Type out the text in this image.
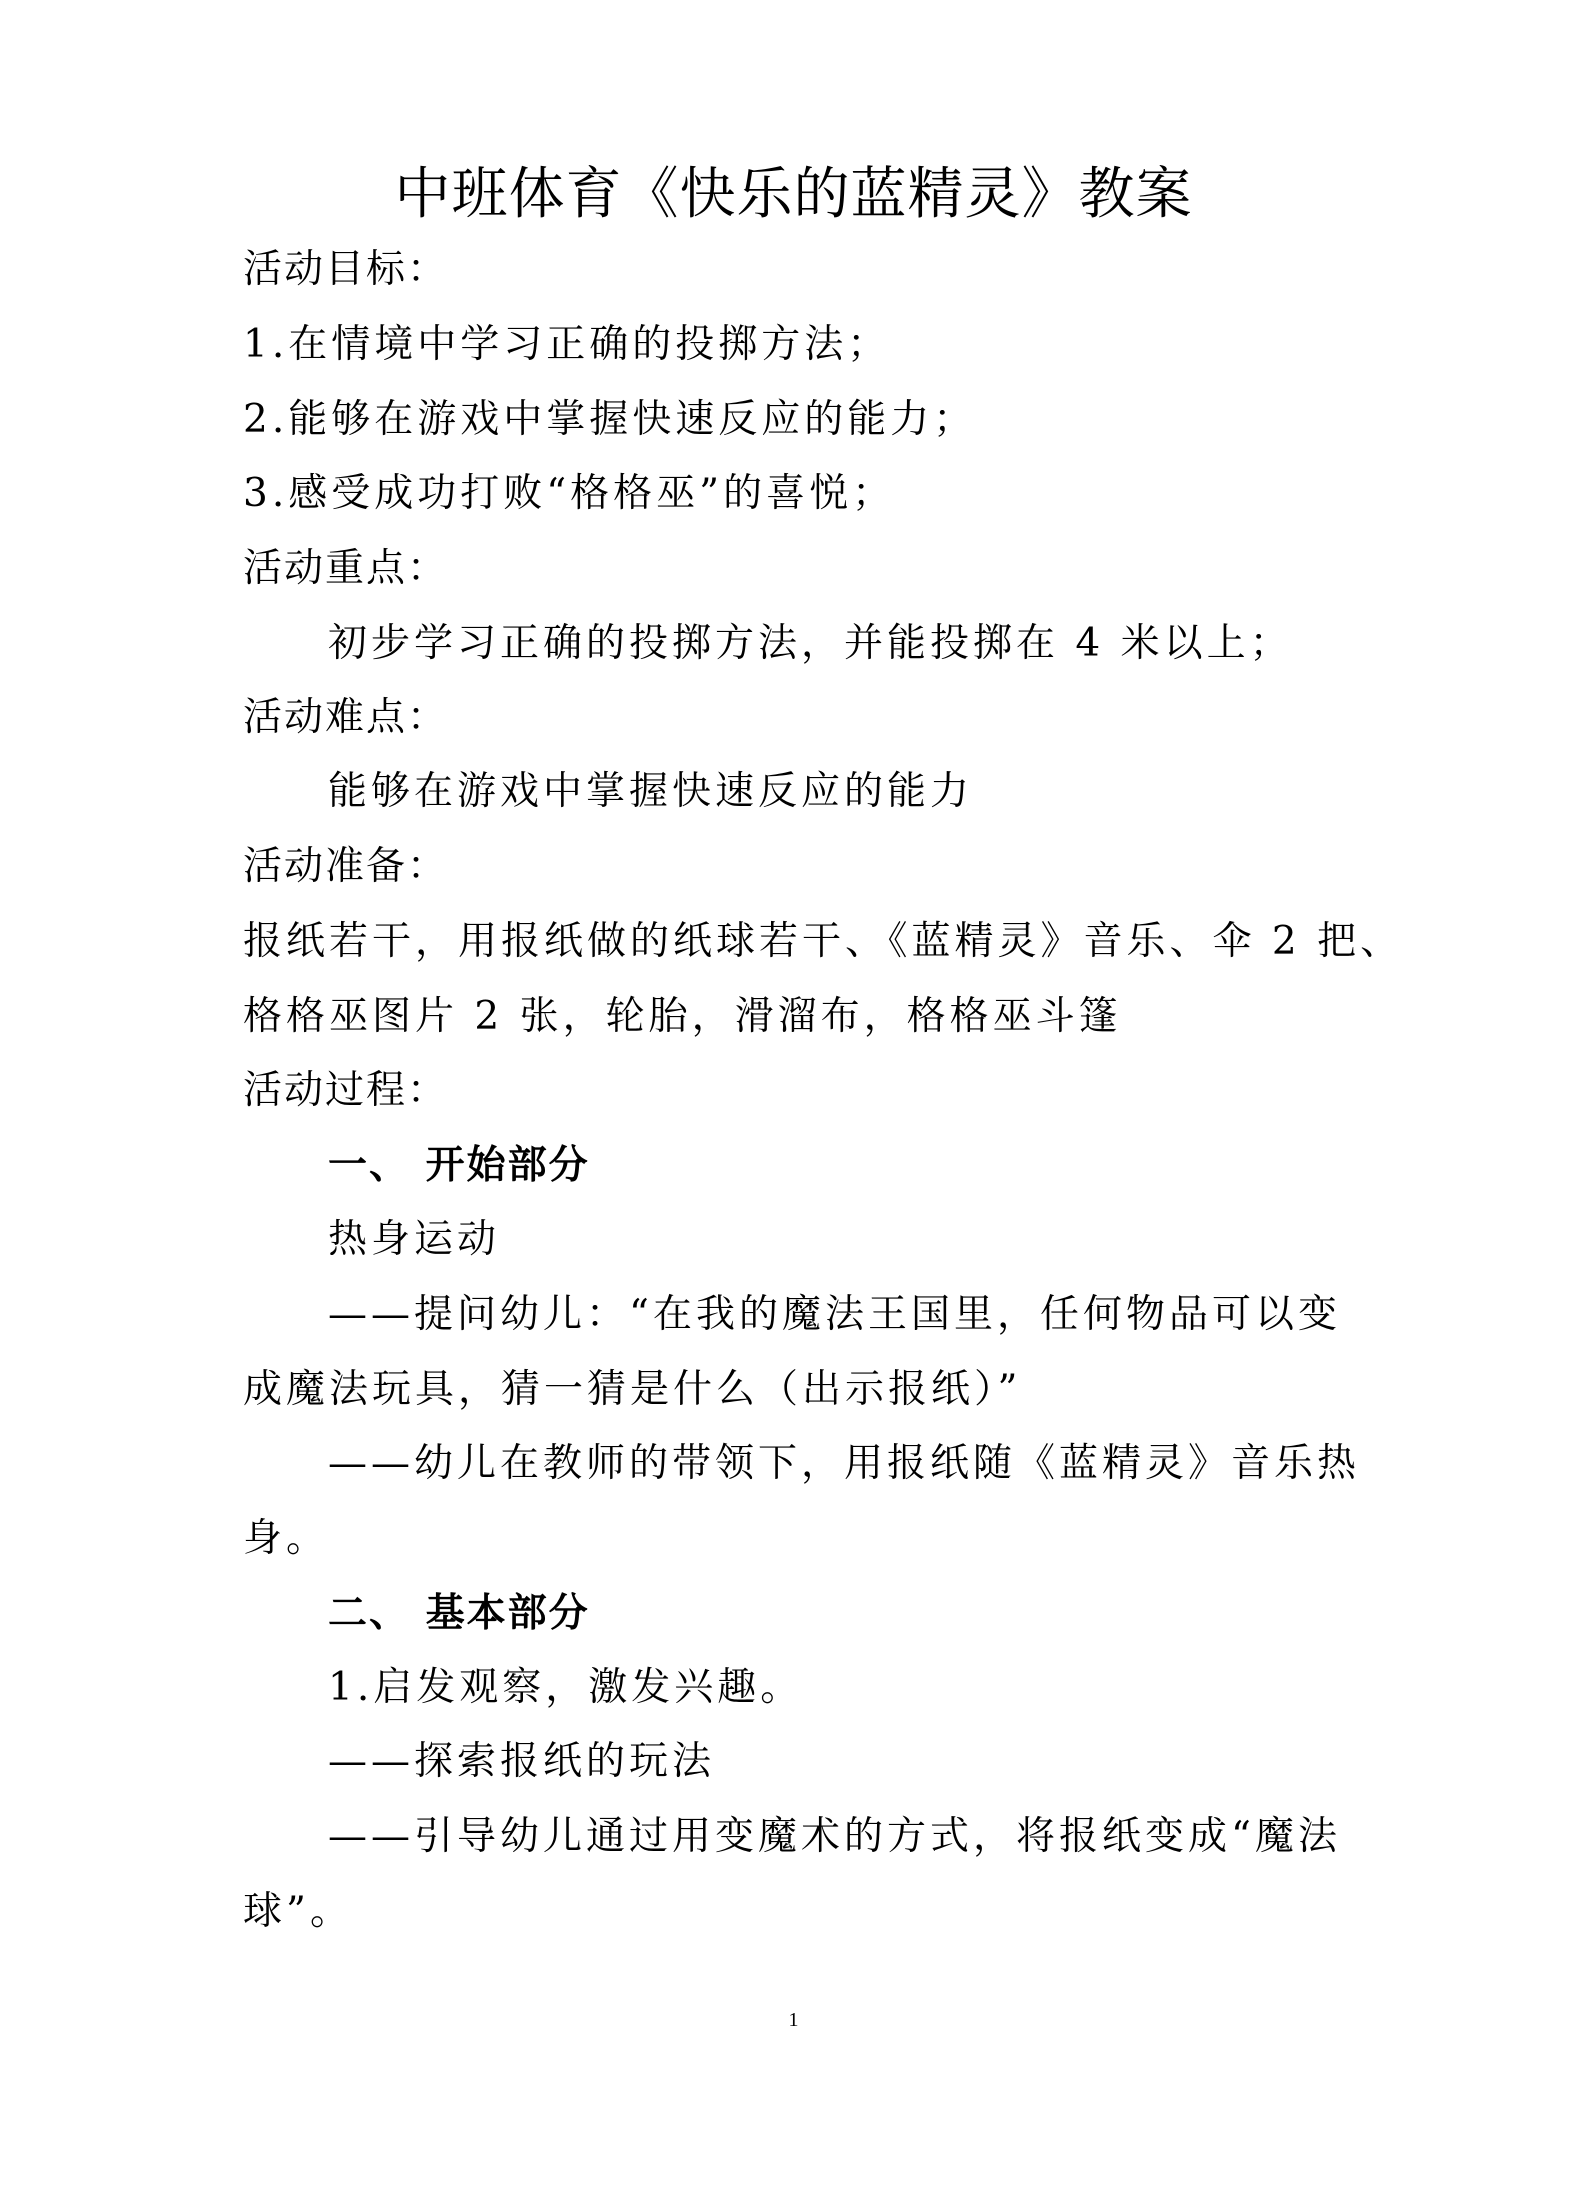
中班体育《快乐的蓝精灵》教案
活动目标：
1.在情境中学习正确的投掷方法；
2.能够在游戏中掌握快速反应的能力；
3.感受成功打败“格格巫”的喜悦；
活动重点：
初步学习正确的投掷方法，并能投掷在 4 米以上；
活动难点：
能够在游戏中掌握快速反应的能力
活动准备：
报纸若干，用报纸做的纸球若干、《蓝精灵》音乐、伞 2 把、
格格巫图片 2 张，轮胎，滑溜布，格格巫斗篷
活动过程：
一、 开始部分
热身运动
——提问幼儿：“在我的魔法王国里，任何物品可以变
成魔法玩具，猜一猜是什么（出示报纸）”
——幼儿在教师的带领下，用报纸随《蓝精灵》音乐热
身。
二、 基本部分
1.启发观察，激发兴趣。
——探索报纸的玩法
——引导幼儿通过用变魔术的方式，将报纸变成“魔法
球”。
1
